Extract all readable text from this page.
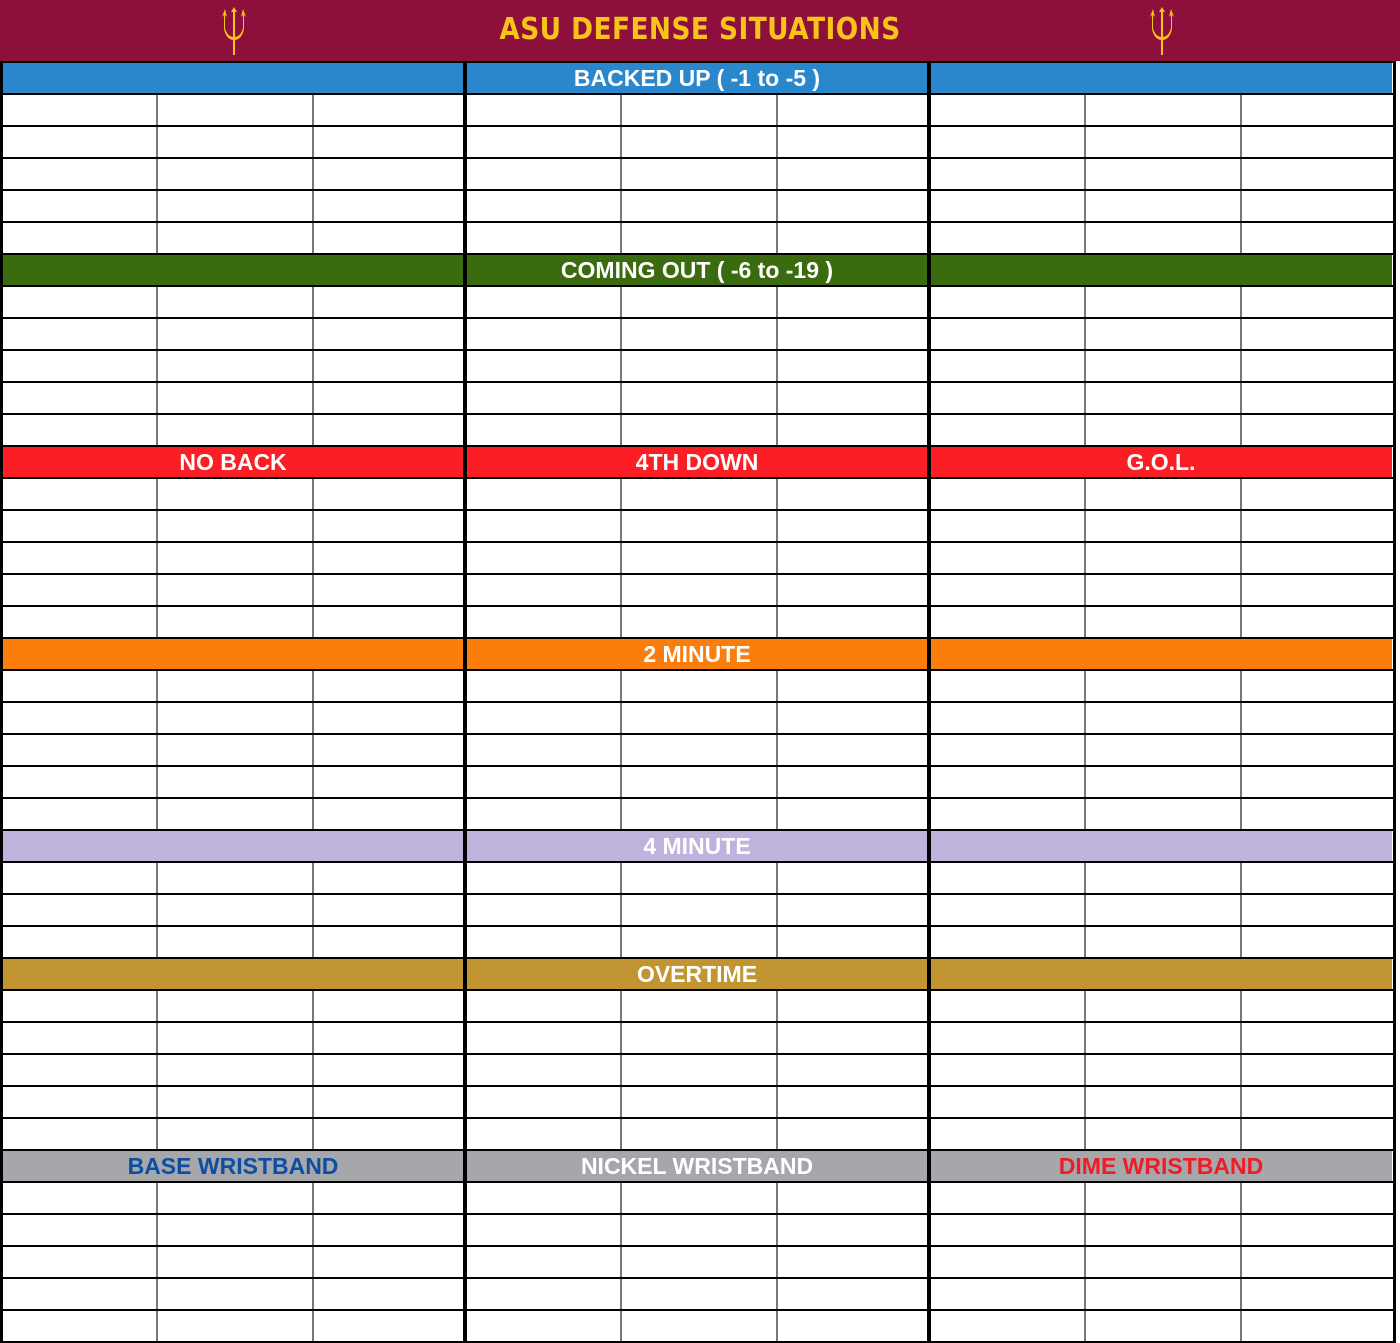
ASU DEFENSE SITUATIONS
BACKED UP ( -1 to -5 )
COMING OUT ( -6 to -19 )
NO BACK	4TH DOWN	G.O.L.
2 MINUTE
4 MINUTE
OVERTIME
BASE WRISTBAND	NICKEL WRISTBAND	DIME WRISTBAND
